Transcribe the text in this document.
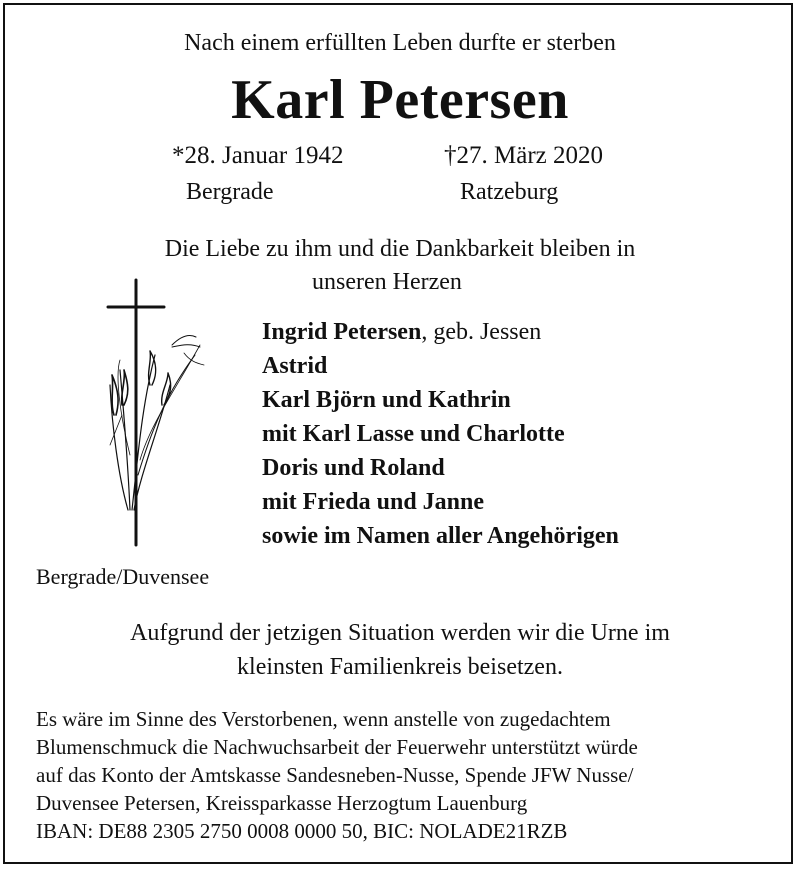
Nach einem erfüllten Leben durfte er sterben
Karl Petersen
*28. Januar 1942
Bergrade
†27. März 2020
Ratzeburg
Die Liebe zu ihm und die Dankbarkeit bleiben in
unseren Herzen
Ingrid Petersen, geb. Jessen
Astrid
Karl Björn und Kathrin
mit Karl Lasse und Charlotte
Doris und Roland
mit Frieda und Janne
sowie im Namen aller Angehörigen
Bergrade/Duvensee
Aufgrund der jetzigen Situation werden wir die Urne im
kleinsten Familienkreis beisetzen.
Es wäre im Sinne des Verstorbenen, wenn anstelle von zugedachtem
Blumenschmuck die Nachwuchsarbeit der Feuerwehr unterstützt würde
auf das Konto der Amtskasse Sandesneben-Nusse, Spende JFW Nusse/
Duvensee Petersen, Kreissparkasse Herzogtum Lauenburg
IBAN: DE88 2305 2750 0008 0000 50, BIC: NOLADE21RZB
